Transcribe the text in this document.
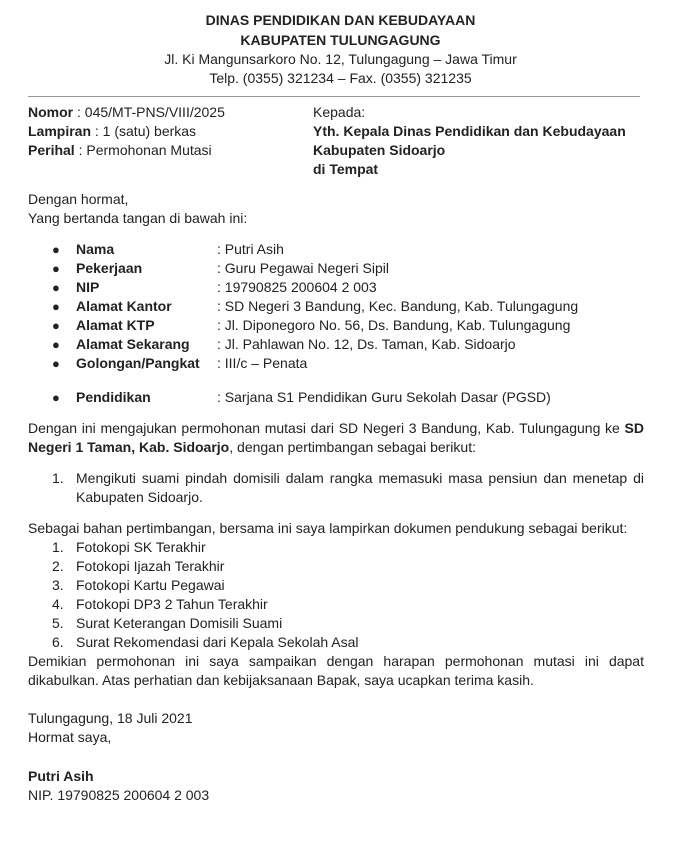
DINAS PENDIDIKAN DAN KEBUDAYAAN
KABUPATEN TULUNGAGUNG
Jl. Ki Mangunsarkoro No. 12, Tulungagung – Jawa Timur
Telp. (0355) 321234 – Fax. (0355) 321235
Nomor : 045/MT-PNS/VIII/2025
Lampiran : 1 (satu) berkas
Perihal : Permohonan Mutasi
Kepada:
Yth. Kepala Dinas Pendidikan dan Kebudayaan
Kabupaten Sidoarjo
di Tempat
Dengan hormat,
Yang bertanda tangan di bawah ini:
● Nama	: Putri Asih
● Pekerjaan	: Guru Pegawai Negeri Sipil
● NIP	: 19790825 200604 2 003
● Alamat Kantor	: SD Negeri 3 Bandung, Kec. Bandung, Kab. Tulungagung
● Alamat KTP	: Jl. Diponegoro No. 56, Ds. Bandung, Kab. Tulungagung
● Alamat Sekarang : Jl. Pahlawan No. 12, Ds. Taman, Kab. Sidoarjo
● Golongan/Pangkat : III/c – Penata
● Pendidikan	: Sarjana S1 Pendidikan Guru Sekolah Dasar (PGSD)
Dengan ini mengajukan permohonan mutasi dari SD Negeri 3 Bandung, Kab. Tulungagung ke SD Negeri 1 Taman, Kab. Sidoarjo, dengan pertimbangan sebagai berikut:
1. Mengikuti suami pindah domisili dalam rangka memasuki masa pensiun dan menetap di Kabupaten Sidoarjo.
Sebagai bahan pertimbangan, bersama ini saya lampirkan dokumen pendukung sebagai berikut:
1. Fotokopi SK Terakhir
2. Fotokopi Ijazah Terakhir
3. Fotokopi Kartu Pegawai
4. Fotokopi DP3 2 Tahun Terakhir
5. Surat Keterangan Domisili Suami
6. Surat Rekomendasi dari Kepala Sekolah Asal
Demikian permohonan ini saya sampaikan dengan harapan permohonan mutasi ini dapat dikabulkan. Atas perhatian dan kebijaksanaan Bapak, saya ucapkan terima kasih.
Tulungagung, 18 Juli 2021
Hormat saya,
Putri Asih
NIP. 19790825 200604 2 003
